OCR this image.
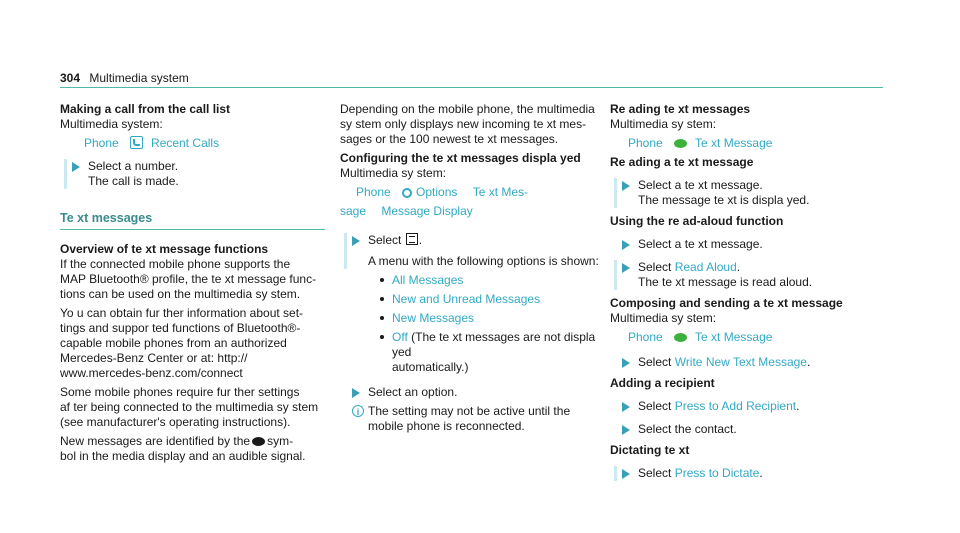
304 Multimedia system

Making a call from the call list

Multimedia system:

Phone	Recent Calls

Select a number.

The call is made.

Te xt messages

Overview of te xt message functions

If the connected mobile phone supports the

MAP Bluetooth® profile, the te xt message func-

tions can be used on the multimedia sy stem.

Yo u can obtain fur ther information about set-

tings and suppor ted functions of Bluetooth®-

capable mobile phones from an authorized

Mercedes-Benz Center or at: http://

www.mercedes-benz.com/connect

Some mobile phones require fur ther settings

af ter being connected to the multimedia sy stem

(see manufacturer's operating instructions).

New messages are identified by the sym-

bol in the media display and an audible signal.

Depending on the mobile phone, the multimedia

sy stem only displays new incoming te xt mes-

sages or the 100 newest te xt messages.

Conﬁguring the te xt messages displa yed

Multimedia sy stem:

Phone Options Te xt Mes-

sage Message Display

Select .

A menu with the following options is shown:

All Messages
New and Unread Messages
New Messages
Off (The te xt messages are not displa yed

automatically.)

Select an option.

i The setting may not be active until the

mobile phone is reconnected.

Re ading te xt messages

Multimedia sy stem:

Phone	Te xt Message

Re ading a te xt message

Select a te xt message.

The message te xt is displa yed.

Using the re ad-aloud function

Select a te xt message.

Select Read Aloud.

The te xt message is read aloud.

Composing and sending a te xt message

Multimedia sy stem:

Phone	Te xt Message

Select Write New Text Message.

Adding a recipient

Select Press to Add Recipient.

Select the contact.

Dictating te xt

Select Press to Dictate.
